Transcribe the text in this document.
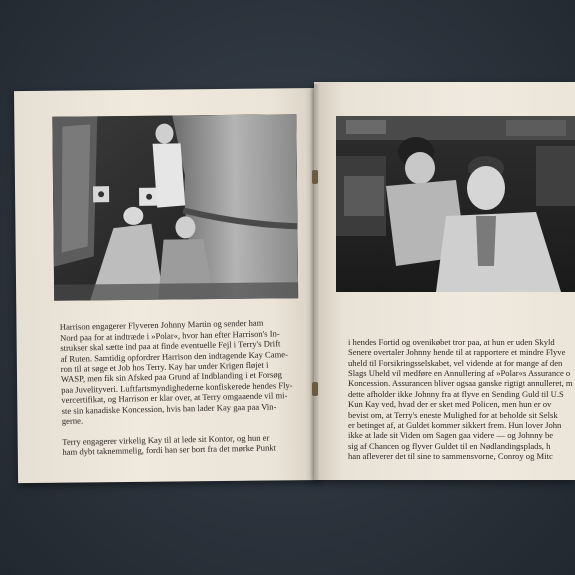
Harrison engagerer Flyveren Johnny Martin og sender ham
Nord paa for at indtræde i »Polar«, hvor han efter Harrison's In-
strukser skal sætte ind paa at finde eventuelle Fejl i Terry's Drift
af Ruten. Samtidig opfordrer Harrison den indtagende Kay Came-
ron til at søge et Job hos Terry. Kay har under Krigen fløjet i
WASP, men fik sin Afsked paa Grund af Indblanding i et Forsøg
paa Juvelityveri. Luftfartsmyndighederne konfiskerede hendes Fly-
vercertifikat, og Harrison er klar over, at Terry omgaaende vil mi-
ste sin kanadiske Koncession, hvis han lader Kay gaa paa Vin-
gerne.

Terry engagerer virkelig Kay til at lede sit Kontor, og hun er
ham dybt taknemmelig, fordi han ser bort fra det mørke Punkt

i hendes Fortid og ovenikøbet tror paa, at hun er uden Skyld
Senere overtaler Johnny hende til at rapportere et mindre Flyve
uheld til Forsikringsselskabet, vel vidende at for mange af den
Slags Uheld vil medføre en Annullering af »Polar«s Assurance o
Koncession. Assurancen bliver ogsaa ganske rigtigt annulleret, m
dette afholder ikke Johnny fra at flyve en Sending Guld til U.S
Kun Kay ved, hvad der er sket med Policen, men hun er ov
bevist om, at Terry's eneste Mulighed for at beholde sit Selsk
er betinget af, at Guldet kommer sikkert frem. Hun lover John
ikke at lade sit Viden om Sagen gaa videre — og Johnny be
sig af Chancen og flyver Guldet til en Nødlandingsplads, h
han afleverer det til sine to sammensvorne, Conroy og Mitc
